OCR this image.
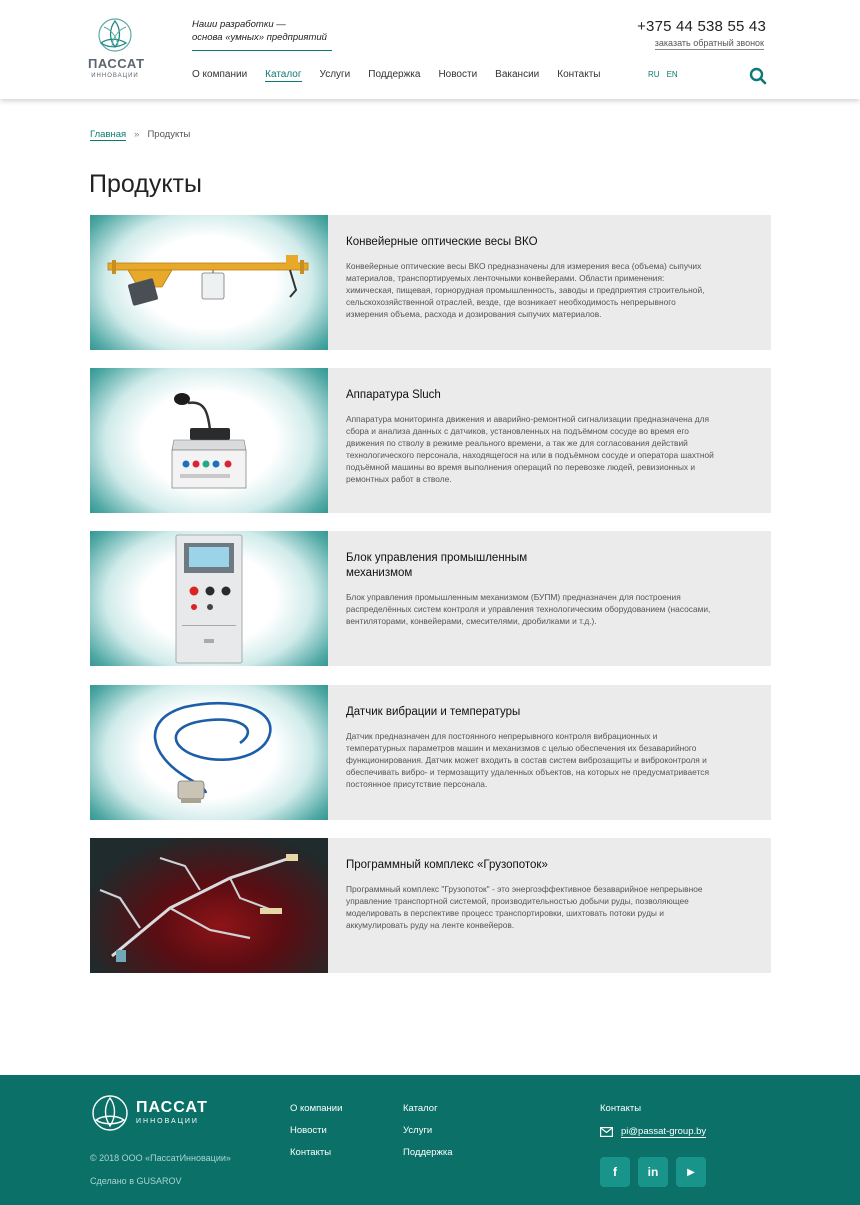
ПАССАТ
ИННОВАЦИИ
Наши разработки —
основа «умных» предприятий
О компании Каталог Услуги Поддержка Новости Вакансии Контакты	RU EN
+375 44 538 55 43
заказать обратный звонок
Главная » Продукты
Продукты
Конвейерные оптические весы ВКО

Конвейерные оптические весы ВКО предназначены для измерения веса (объема) сыпучих материалов, транспортируемых ленточными конвейерами. Области применения: химическая, пищевая, горнорудная промышленность, заводы и предприятия строительной, сельскохозяйственной отраслей, везде, где возникает необходимость непрерывного измерения объема, расхода и дозирования сыпучих материалов.

Аппаратура Sluch

Аппаратура мониторинга движения и аварийно-ремонтной сигнализации предназначена для сбора и анализа данных с датчиков, установленных на подъёмном сосуде во время его движения по стволу в режиме реального времени, а так же для согласования действий технологического персонала, находящегося на или в подъёмном сосуде и оператора шахтной подъёмной машины во время выполнения операций по перевозке людей, ревизионных и ремонтных работ в стволе.

Блок управления промышленным механизмом

Блок управления промышленным механизмом (БУПМ) предназначен для построения распределённых систем контроля и управления технологическим оборудованием (насосами, вентиляторами, конвейерами, смесителями, дробилками и т.д.).

Датчик вибрации и температуры

Датчик предназначен для постоянного непрерывного контроля вибрационных и температурных параметров машин и механизмов с целью обеспечения их безаварийного функционирования. Датчик может входить в состав систем виброзащиты и виброконтроля и обеспечивать вибро- и термозащиту удаленных объектов, на которых не предусматривается постоянное присутствие персонала.

Программный комплекс «Грузопоток»

Программный комплекс "Грузопоток" - это энергоэффективное безаварийное непрерывное управление транспортной системой, производительностью добычи руды, позволяющее моделировать в перспективе процесс транспортировки, шихтовать потоки руды и аккумулировать руду на ленте конвейеров.

ПАССАТ
ИННОВАЦИИ
© 2018 ООО «ПассатИнновации»
Сделано в GUSAROV
О компании
Новости
Контакты
Каталог
Услуги
Поддержка
Контакты
pi@passat-group.by
f	in	▶
